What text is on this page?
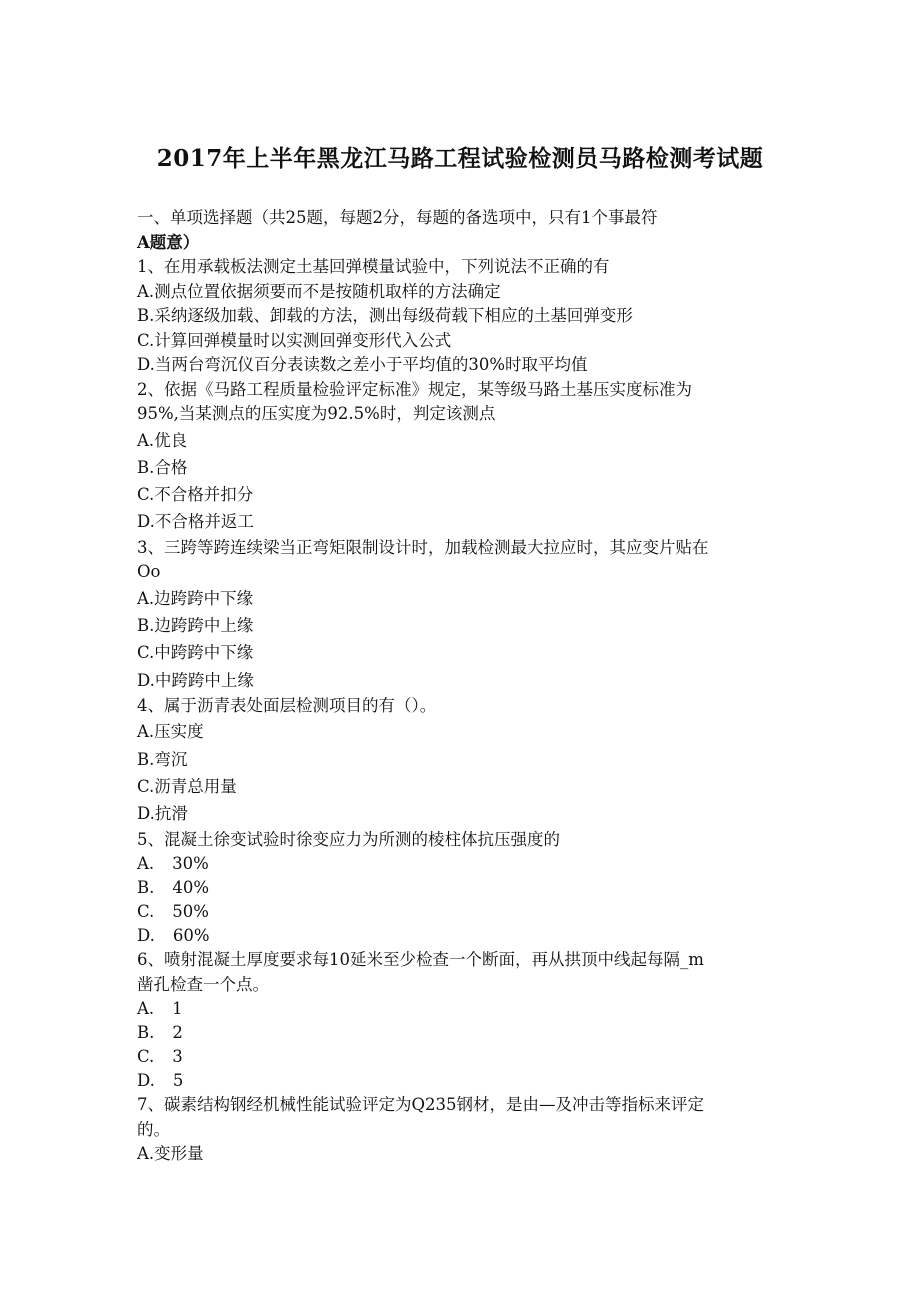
2017年上半年黑龙江马路工程试验检测员马路检测考试题
一、单项选择题（共25题，每题2分，每题的备选项中，只有1个事最符
A题意）
1、在用承载板法测定土基回弹模量试验中，下列说法不正确的有
A.测点位置依据须要而不是按随机取样的方法确定
B.采纳逐级加载、卸载的方法，测出每级荷载下相应的土基回弹变形
C.计算回弹模量时以实测回弹变形代入公式
D.当两台弯沉仪百分表读数之差小于平均值的30%时取平均值
2、依据《马路工程质量检验评定标准》规定，某等级马路土基压实度标准为
95%,当某测点的压实度为92.5%时，判定该测点
A.优良
B.合格
C.不合格并扣分
D.不合格并返工
3、三跨等跨连续梁当正弯矩限制设计时，加载检测最大拉应时，其应变片贴在
Oo
A.边跨跨中下缘
B.边跨跨中上缘
C.中跨跨中下缘
D.中跨跨中上缘
4、属于沥青表处面层检测项目的有（）。
A.压实度
B.弯沉
C.沥青总用量
D.抗滑
5、混凝土徐变试验时徐变应力为所测的棱柱体抗压强度的
A. 30%
B. 40%
C. 50%
D. 60%
6、喷射混凝土厚度要求每10延米至少检查一个断面，再从拱顶中线起每隔_m
凿孔检查一个点。
A. 1
B. 2
C. 3
D. 5
7、碳素结构钢经机械性能试验评定为Q235钢材，是由—及冲击等指标来评定
的。
A.变形量
